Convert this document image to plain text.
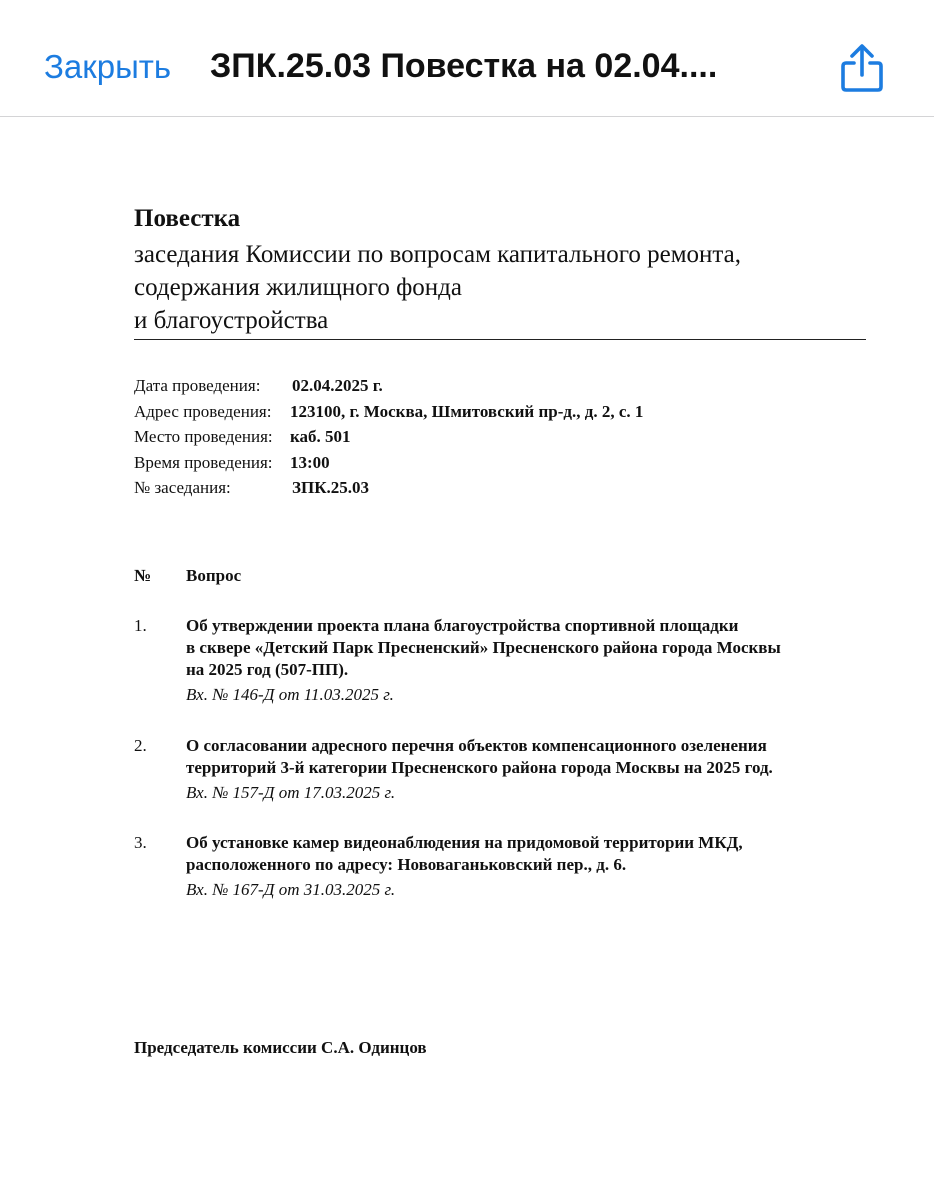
Закрыть ЗПК.25.03 Повестка на 02.04....
Повестка
заседания Комиссии по вопросам капитального ремонта,
содержания жилищного фонда
и благоустройства
Дата проведения: 02.04.2025 г.
Адрес проведения: 123100, г. Москва, Шмитовский пр-д., д. 2, с. 1
Место проведения: каб. 501
Время проведения: 13:00
№ заседания:	ЗПК.25.03
№ Вопрос
1. Об утверждении проекта плана благоустройства спортивной площадки
в сквере «Детский Парк Пресненский» Пресненского района города Москвы
на 2025 год (507-ПП).
Вх. № 146-Д от 11.03.2025 г.
2. О согласовании адресного перечня объектов компенсационного озеленения
территорий 3-й категории Пресненского района города Москвы на 2025 год.
Вх. № 157-Д от 17.03.2025 г.
3. Об установке камер видеонаблюдения на придомовой территории МКД,
расположенного по адресу: Нововаганьковский пер., д. 6.
Вх. № 167-Д от 31.03.2025 г.
Председатель комиссии С.А. Одинцов
